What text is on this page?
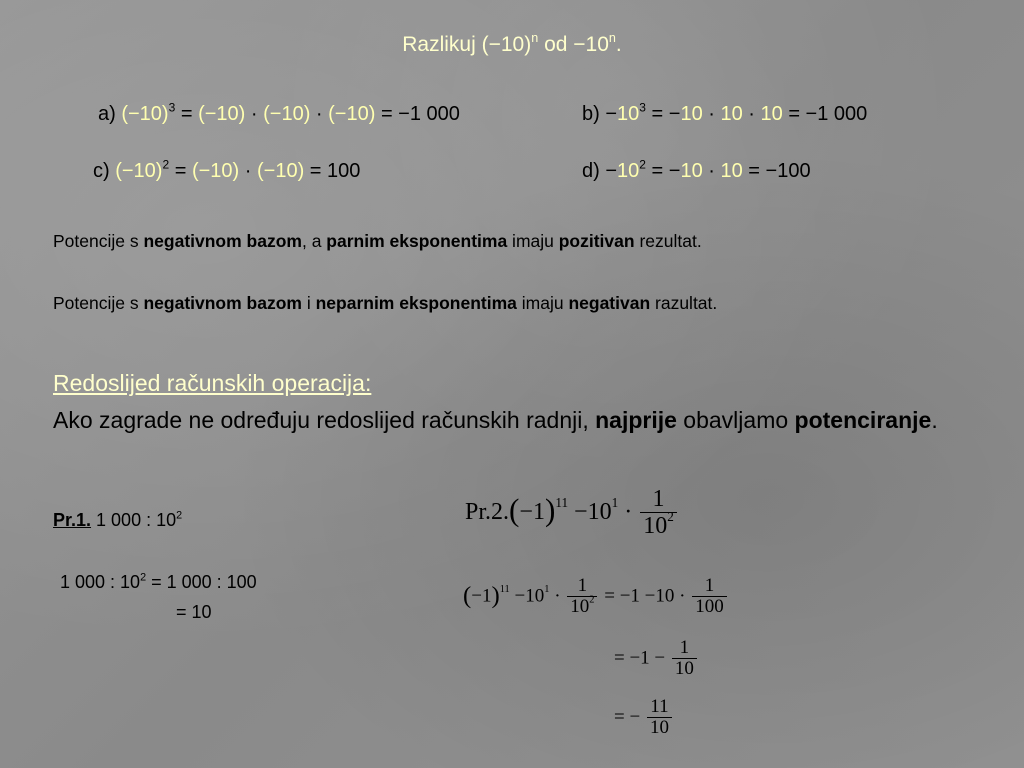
Razlikuj $(-10)^n$ od $-10^n$.
a) $(-10)^3 = (-10) \cdot (-10) \cdot (-10) = -1$ 000	$b) -10^3 = -10 \cdot 10 \cdot 10 = -1$ 000
c) $(-10)^2 = (-10) \cdot (-10) = 100$	$d) -10^2 = -10 \cdot 10 = -100$
Potencije s negativnom bazom, a parnim eksponentima imaju pozitivan rezultat.
Potencije s negativnom bazom i neparnim eksponentima imaju negativan razultat.
Redoslijed računskih operacija:
Ako zagrade ne određuju redoslijed računskih radnji, najprije obavljamo potenciranje.
Pr.1. 1 000 : $10^2$
1 000 : $10^2 = 1$ 000 : 100
= 10
$Pr.2.(-1)^{11} -10^1 \cdot \frac{1}{10^2}$
$(-1)^{11} -10^1 \cdot \frac{1}{10^2} = -1 -10 \cdot \frac{1}{100}$
= $-1 - \frac{1}{10}$
= − $\frac{11}{10}$
